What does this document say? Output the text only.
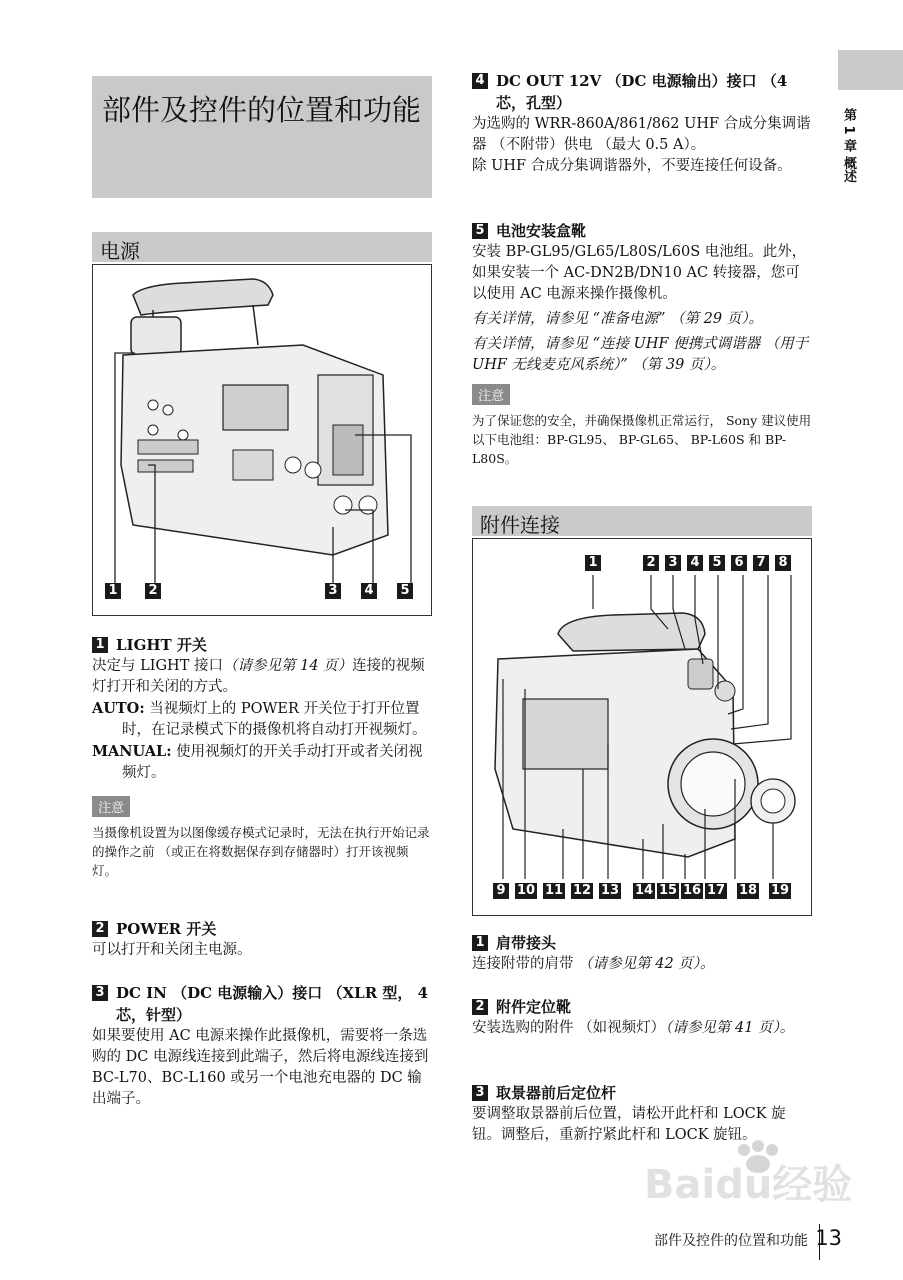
部件及控件的位置和功能	第 1 章 概述
电源
1 2	3 4 5
1 LIGHT 开关

决定与 LIGHT 接口（请参见第 14 页）连接的视频灯打开和关闭的方式。

AUTO: 当视频灯上的 POWER 开关位于打开位置时，在记录模式下的摄像机将自动打开视频灯。

MANUAL: 使用视频灯的开关手动打开或者关闭视频灯。

注意
当摄像机设置为以图像缓存模式记录时，无法在执行开始记录的操作之前 （或正在将数据保存到存储器时）打开该视频灯。
2 POWER 开关

可以打开和关闭主电源。

3 DC IN （DC 电源输入）接口 （XLR 型， 4 芯，针型）

如果要使用 AC 电源来操作此摄像机，需要将一条选购的 DC 电源线连接到此端子，然后将电源线连接到 BC-L70、BC-L160 或另一个电池充电器的 DC 输出端子。

4 DC OUT 12V （DC 电源输出）接口 （4 芯，孔型）

为选购的 WRR-860A/861/862 UHF 合成分集调谐器 （不附带）供电 （最大 0.5 A）。

除 UHF 合成分集调谐器外，不要连接任何设备。

5 电池安装盒靴

安装 BP-GL95/GL65/L80S/L60S 电池组。此外，如果安装一个 AC-DN2B/DN10 AC 转接器，您可以使用 AC 电源来操作摄像机。

有关详情，请参见 “准备电源” （第 29 页）。

有关详情，请参见 “连接 UHF 便携式调谐器 （用于 UHF 无线麦克风系统）” （第 39 页）。

注意
为了保证您的安全，并确保摄像机正常运行， Sony 建议使用以下电池组：BP-GL95、 BP-GL65、 BP-L60S 和 BP-L80S。
附件连接
1	2 3 4 5 6 7 8
9 10 11 12 13 14 15 16 17 18 19
1 肩带接头

连接附带的肩带 （请参见第 42 页）。

2 附件定位靴

安装选购的附件 （如视频灯）（请参见第 41 页）。

3 取景器前后定位杆

要调整取景器前后位置，请松开此杆和 LOCK 旋钮。调整后，重新拧紧此杆和 LOCK 旋钮。

Baidu经验
部件及控件的位置和功能 13
